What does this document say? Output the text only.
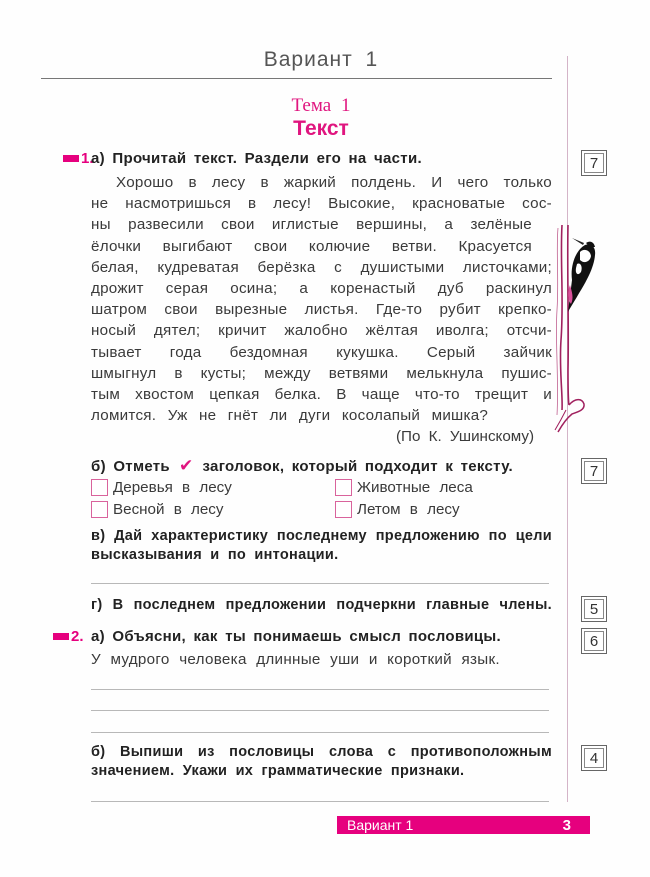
Вариант 1
Тема 1
Текст
1.
а) Прочитай текст. Раздели его на части.	7
Хорошо в лесу в жаркий полдень. И чего только
не насмотришься в лесу! Высокие, красноватые сос-
ны развесили свои иглистые вершины, а зелёные
ёлочки выгибают свои колючие ветви. Красуется
белая, кудреватая берёзка с душистыми листочками;
дрожит серая осина; а коренастый дуб раскинул
шатром свои вырезные листья. Где-то рубит крепко-
носый дятел; кричит жалобно жёлтая иволга; отсчи-
тывает года бездомная кукушка. Серый зайчик
шмыгнул в кусты; между ветвями мелькнула пушис-
тым хвостом цепкая белка. В чаще что-то трещит и
ломится. Уж не гнёт ли дуги косолапый мишка?
(По К. Ушинскому)
б) Отметь ✔ заголовок, который подходит к тексту.	7
Деревья в лесу	Животные леса
Весной в лесу	Летом в лесу
в) Дай характеристику последнему предложению по цели
высказывания и по интонации.
г) В последнем предложении подчеркни главные члены.	5
2. а) Объясни, как ты понимаешь смысл пословицы.	6
У мудрого человека длинные уши и короткий язык.
б) Выпиши из пословицы слова с противоположным
значением. Укажи их грамматические признаки.
4
Вариант 1	3
